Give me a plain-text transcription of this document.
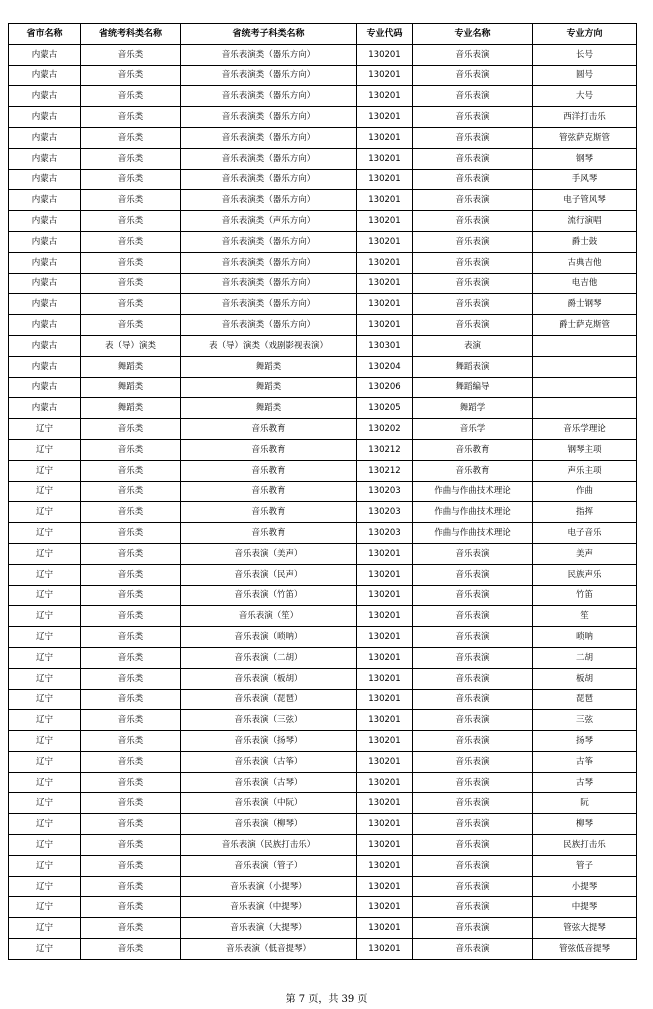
省市名称	省统考科类名称	省统考子科类名称	专业代码	专业名称	专业方向
内蒙古	音乐类	音乐表演类（器乐方向）	130201	音乐表演	长号
内蒙古	音乐类	音乐表演类（器乐方向）	130201	音乐表演	圆号
内蒙古	音乐类	音乐表演类（器乐方向）	130201	音乐表演	大号
内蒙古	音乐类	音乐表演类（器乐方向）	130201	音乐表演	西洋打击乐
内蒙古	音乐类	音乐表演类（器乐方向）	130201	音乐表演	管弦萨克斯管
内蒙古	音乐类	音乐表演类（器乐方向）	130201	音乐表演	钢琴
内蒙古	音乐类	音乐表演类（器乐方向）	130201	音乐表演	手风琴
内蒙古	音乐类	音乐表演类（器乐方向）	130201	音乐表演	电子管风琴
内蒙古	音乐类	音乐表演类（声乐方向）	130201	音乐表演	流行演唱
内蒙古	音乐类	音乐表演类（器乐方向）	130201	音乐表演	爵士鼓
内蒙古	音乐类	音乐表演类（器乐方向）	130201	音乐表演	古典吉他
内蒙古	音乐类	音乐表演类（器乐方向）	130201	音乐表演	电吉他
内蒙古	音乐类	音乐表演类（器乐方向）	130201	音乐表演	爵士钢琴
内蒙古	音乐类	音乐表演类（器乐方向）	130201	音乐表演	爵士萨克斯管
内蒙古	表（导）演类	表（导）演类（戏剧影视表演）	130301	表演	
内蒙古	舞蹈类	舞蹈类	130204	舞蹈表演	
内蒙古	舞蹈类	舞蹈类	130206	舞蹈编导	
内蒙古	舞蹈类	舞蹈类	130205	舞蹈学	
辽宁	音乐类	音乐教育	130202	音乐学	音乐学理论
辽宁	音乐类	音乐教育	130212	音乐教育	钢琴主项
辽宁	音乐类	音乐教育	130212	音乐教育	声乐主项
辽宁	音乐类	音乐教育	130203	作曲与作曲技术理论	作曲
辽宁	音乐类	音乐教育	130203	作曲与作曲技术理论	指挥
辽宁	音乐类	音乐教育	130203	作曲与作曲技术理论	电子音乐
辽宁	音乐类	音乐表演（美声）	130201	音乐表演	美声
辽宁	音乐类	音乐表演（民声）	130201	音乐表演	民族声乐
辽宁	音乐类	音乐表演（竹笛）	130201	音乐表演	竹笛
辽宁	音乐类	音乐表演（笙）	130201	音乐表演	笙
辽宁	音乐类	音乐表演（唢呐）	130201	音乐表演	唢呐
辽宁	音乐类	音乐表演（二胡）	130201	音乐表演	二胡
辽宁	音乐类	音乐表演（板胡）	130201	音乐表演	板胡
辽宁	音乐类	音乐表演（琵琶）	130201	音乐表演	琵琶
辽宁	音乐类	音乐表演（三弦）	130201	音乐表演	三弦
辽宁	音乐类	音乐表演（扬琴）	130201	音乐表演	扬琴
辽宁	音乐类	音乐表演（古筝）	130201	音乐表演	古筝
辽宁	音乐类	音乐表演（古琴）	130201	音乐表演	古琴
辽宁	音乐类	音乐表演（中阮）	130201	音乐表演	阮
辽宁	音乐类	音乐表演（柳琴）	130201	音乐表演	柳琴
辽宁	音乐类	音乐表演（民族打击乐）	130201	音乐表演	民族打击乐
辽宁	音乐类	音乐表演（管子）	130201	音乐表演	管子
辽宁	音乐类	音乐表演（小提琴）	130201	音乐表演	小提琴
辽宁	音乐类	音乐表演（中提琴）	130201	音乐表演	中提琴
辽宁	音乐类	音乐表演（大提琴）	130201	音乐表演	管弦大提琴
辽宁	音乐类	音乐表演（低音提琴）	130201	音乐表演	管弦低音提琴
第 7 页，共 39 页
